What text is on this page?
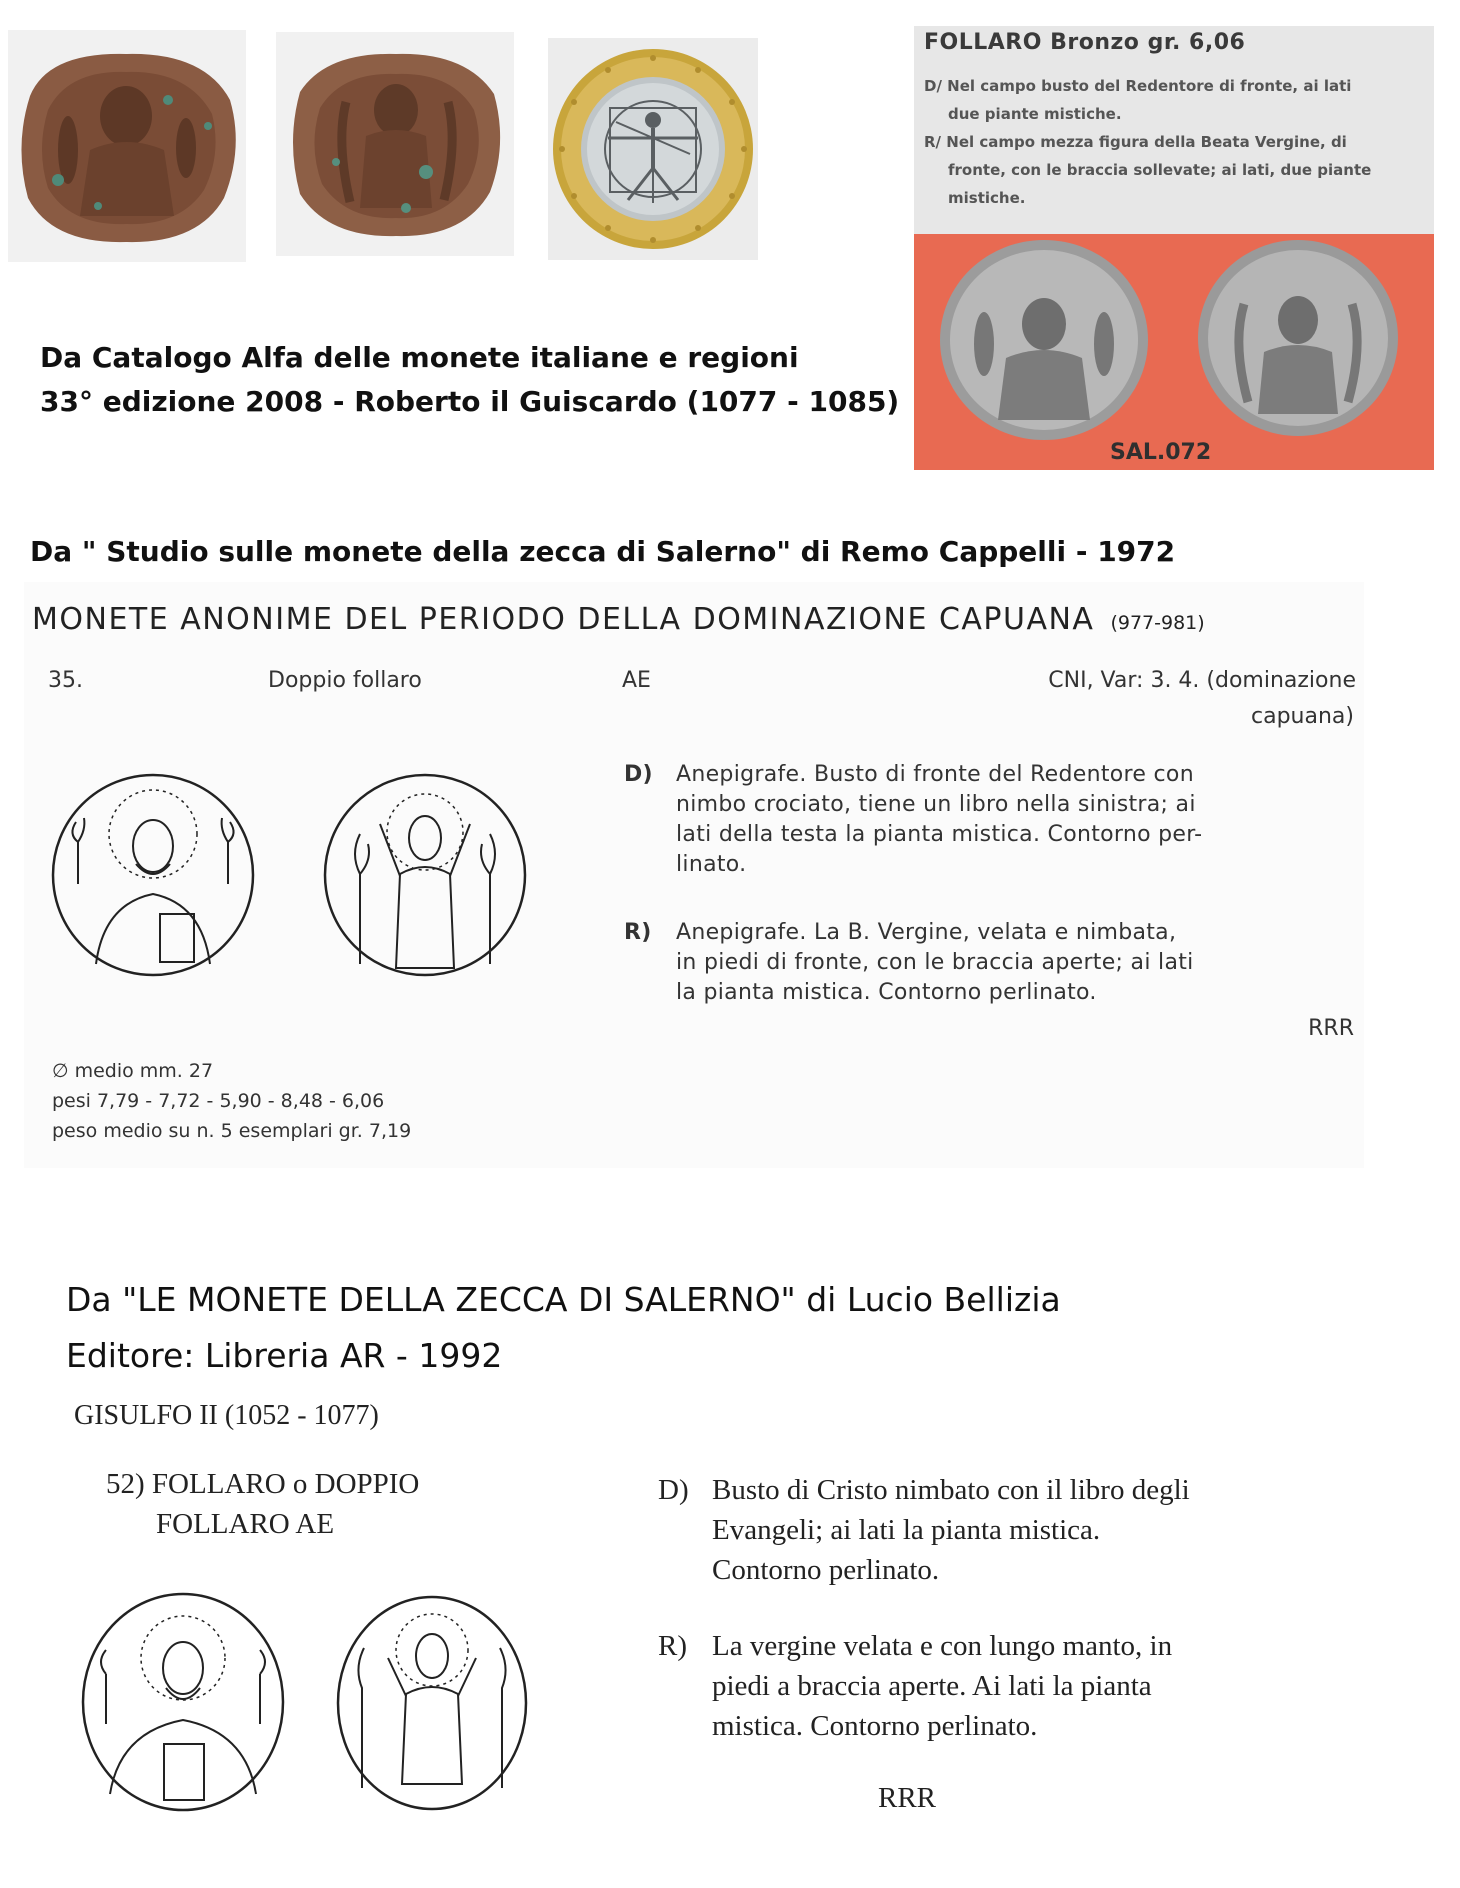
FOLLARO Bronzo gr. 6,06
D/ Nel campo busto del Redentore di fronte, ai lati
due piante mistiche.
R/ Nel campo mezza figura della Beata Vergine, di
fronte, con le braccia sollevate; ai lati, due piante
mistiche.
SAL.072
Da Catalogo Alfa delle monete italiane e regioni
33° edizione 2008 - Roberto il Guiscardo (1077 - 1085)
Da " Studio sulle monete della zecca di Salerno" di Remo Cappelli - 1972
MONETE ANONIME DEL PERIODO DELLA DOMINAZIONE CAPUANA (977-981)
35.	Doppio follaro	AE	CNI, Var: 3. 4. (dominazione
capuana)
D) Anepigrafe. Busto di fronte del Redentore con
nimbo crociato, tiene un libro nella sinistra; ai
lati della testa la pianta mistica. Contorno per-
linato.
R) Anepigrafe. La B. Vergine, velata e nimbata,
in piedi di fronte, con le braccia aperte; ai lati
la pianta mistica. Contorno perlinato.
RRR
∅ medio mm. 27
pesi 7,79 - 7,72 - 5,90 - 8,48 - 6,06
peso medio su n. 5 esemplari gr. 7,19
Da "LE MONETE DELLA ZECCA DI SALERNO" di Lucio Bellizia
Editore: Libreria AR - 1992
GISULFO II (1052 - 1077)
52) FOLLARO o DOPPIO
FOLLARO AE
D) Busto di Cristo nimbato con il libro degli
Evangeli; ai lati la pianta mistica.
Contorno perlinato.
R) La vergine velata e con lungo manto, in
piedi a braccia aperte. Ai lati la pianta
mistica. Contorno perlinato.
RRR
